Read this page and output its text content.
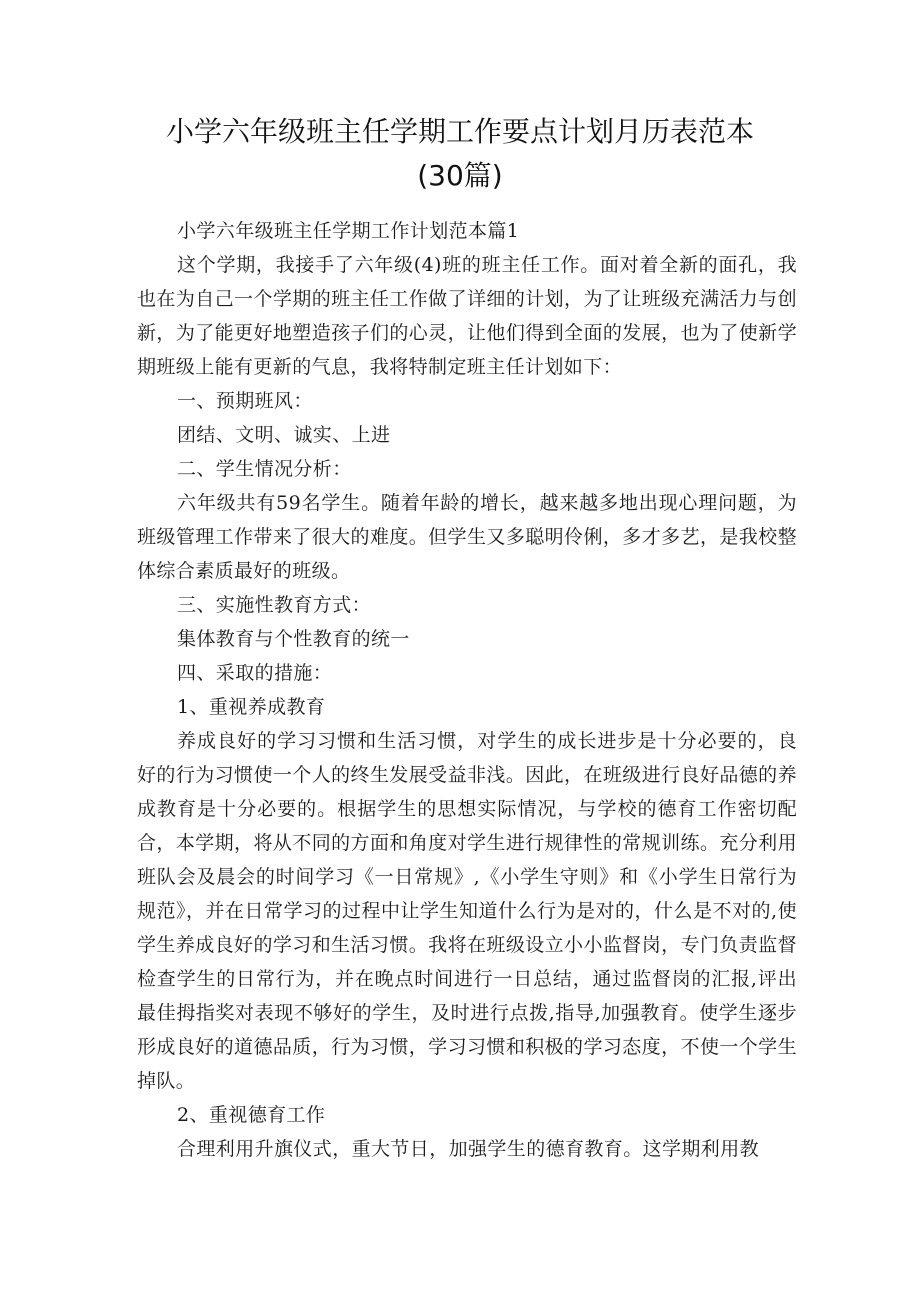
小学六年级班主任学期工作要点计划月历表范本(30篇)

小学六年级班主任学期工作计划范本篇1

这个学期，我接手了六年级(4)班的班主任工作。面对着全新的面孔，我也在为自己一个学期的班主任工作做了详细的计划，为了让班级充满活力与创新，为了能更好地塑造孩子们的心灵，让他们得到全面的发展，也为了使新学期班级上能有更新的气息，我将特制定班主任计划如下：

一、预期班风：

团结、文明、诚实、上进

二、学生情况分析：

六年级共有59名学生。随着年龄的增长，越来越多地出现心理问题，为班级管理工作带来了很大的难度。但学生又多聪明伶俐，多才多艺，是我校整体综合素质最好的班级。

三、实施性教育方式：

集体教育与个性教育的统一

四、采取的措施：

1、重视养成教育

养成良好的学习习惯和生活习惯，对学生的成长进步是十分必要的，良好的行为习惯使一个人的终生发展受益非浅。因此，在班级进行良好品德的养成教育是十分必要的。根据学生的思想实际情况，与学校的德育工作密切配合，本学期，将从不同的方面和角度对学生进行规律性的常规训练。充分利用班队会及晨会的时间学习《一日常规》,《小学生守则》和《小学生日常行为规范》，并在日常学习的过程中让学生知道什么行为是对的，什么是不对的,使学生养成良好的学习和生活习惯。我将在班级设立小小监督岗，专门负责监督检查学生的日常行为，并在晚点时间进行一日总结，通过监督岗的汇报,评出最佳拇指奖对表现不够好的学生，及时进行点拨,指导,加强教育。使学生逐步形成良好的道德品质，行为习惯，学习习惯和积极的学习态度，不使一个学生掉队。

2、重视德育工作

合理利用升旗仪式，重大节日，加强学生的德育教育。这学期利用教
